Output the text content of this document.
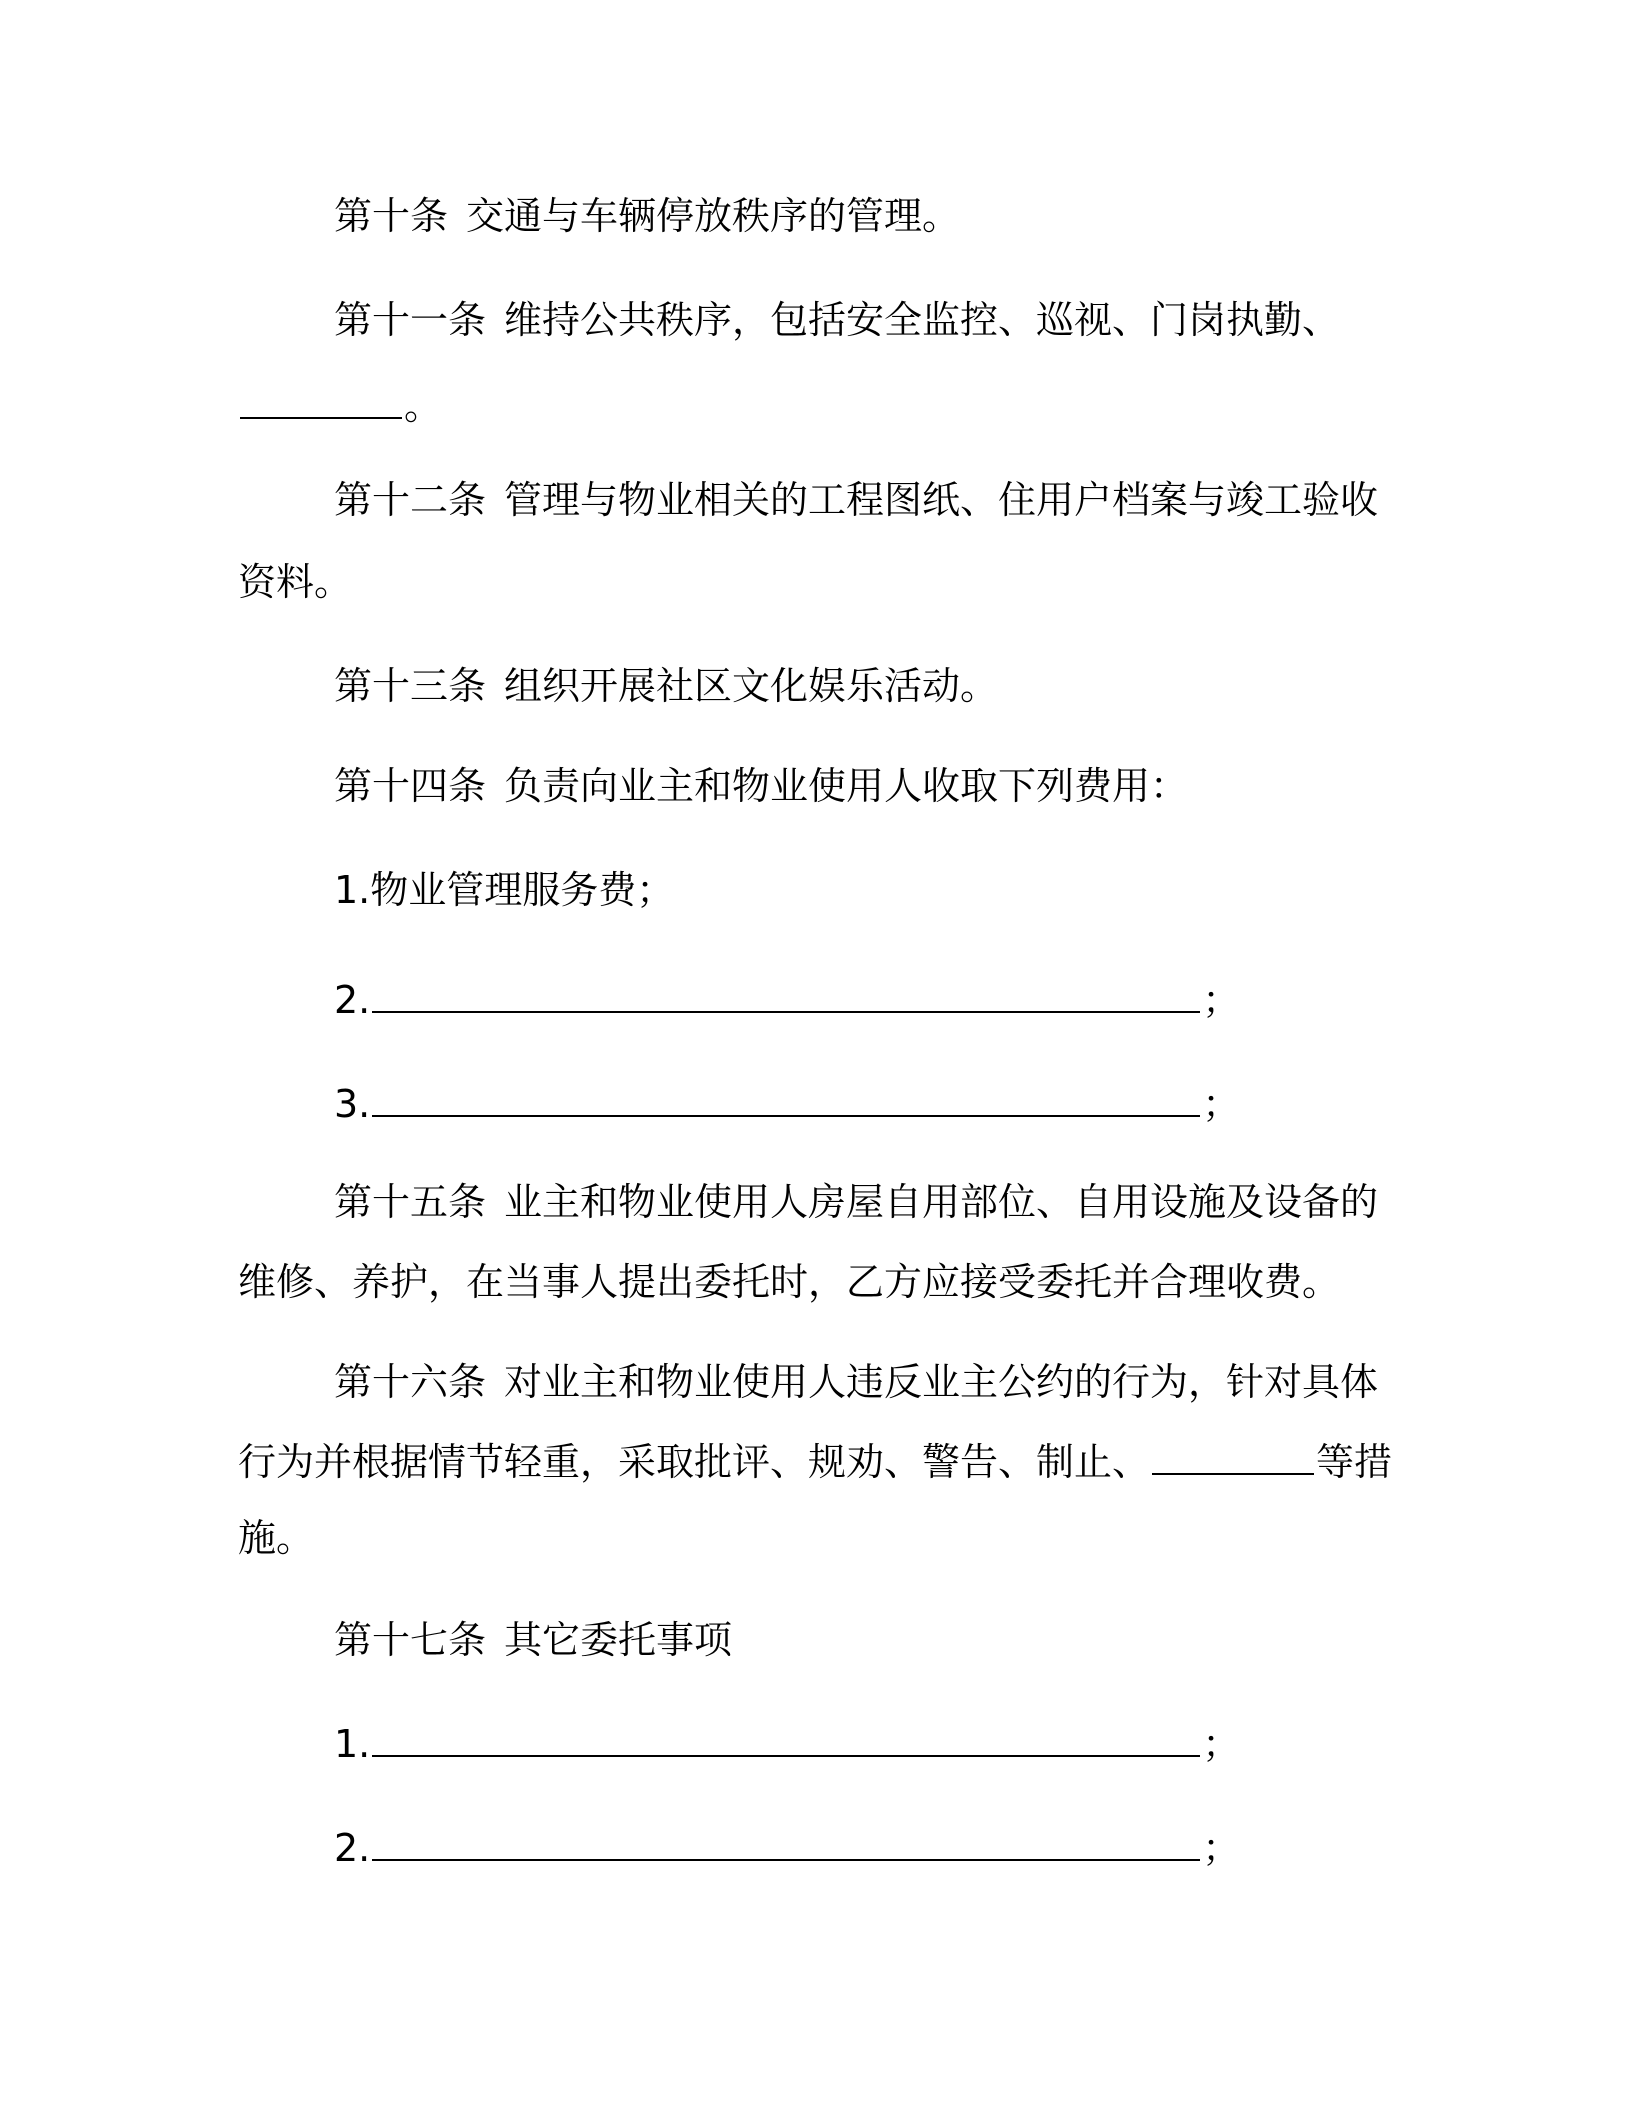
第十条 交通与车辆停放秩序的管理。
第十一条 维持公共秩序，包括安全监控、巡视、门岗执勤、
。
第十二条 管理与物业相关的工程图纸、住用户档案与竣工验收
资料。
第十三条 组织开展社区文化娱乐活动。
第十四条 负责向业主和物业使用人收取下列费用：
1.物业管理服务费；
2.	；
3.	；
第十五条 业主和物业使用人房屋自用部位、自用设施及设备的
维修、养护，在当事人提出委托时，乙方应接受委托并合理收费。
第十六条 对业主和物业使用人违反业主公约的行为，针对具体
行为并根据情节轻重，采取批评、规劝、警告、制止、	等措
施。
第十七条 其它委托事项
1.	；
2.	；
